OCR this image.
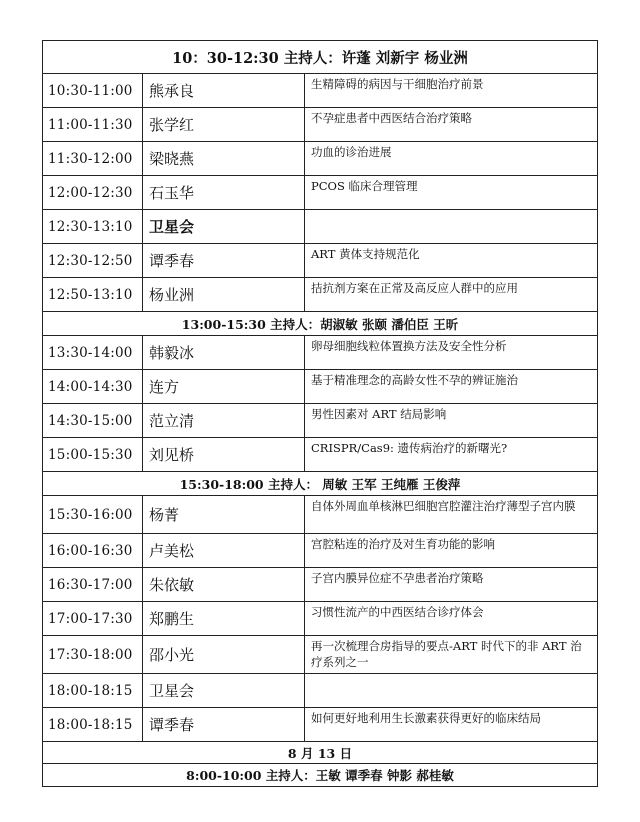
10：30-12:30 主持人：许蓬 刘新宇 杨业洲
10:30-11:00	熊承良	生精障碍的病因与干细胞治疗前景
11:00-11:30	张学红	不孕症患者中西医结合治疗策略
11:30-12:00	梁晓燕	功血的诊治进展
12:00-12:30	石玉华	PCOS 临床合理管理
12:30-13:10	卫星会
12:30-12:50	谭季春	ART 黄体支持规范化
12:50-13:10	杨业洲	拮抗剂方案在正常及高反应人群中的应用
13:00-15:30 主持人：胡淑敏 张颐 潘伯臣 王昕
13:30-14:00	韩毅冰	卵母细胞线粒体置换方法及安全性分析
14:00-14:30	连方	基于精准理念的高龄女性不孕的辨证施治
14:30-15:00	范立清	男性因素对 ART 结局影响
15:00-15:30	刘见桥	CRISPR/Cas9: 遗传病治疗的新曙光?
15:30-18:00 主持人： 周敏 王军 王纯雁 王俊萍
15:30-16:00	杨菁	自体外周血单核淋巴细胞宫腔灌注治疗薄型子宫内膜
16:00-16:30	卢美松	宫腔粘连的治疗及对生育功能的影响
16:30-17:00	朱依敏	子宫内膜异位症不孕患者治疗策略
17:00-17:30	郑鹏生	习惯性流产的中西医结合诊疗体会
17:30-18:00	邵小光	再一次梳理合房指导的要点-ART 时代下的非 ART 治疗系列之一
18:00-18:15	卫星会
18:00-18:15	谭季春	如何更好地利用生长激素获得更好的临床结局
8 月 13 日
8:00-10:00 主持人：王敏 谭季春 钟影 郝桂敏
